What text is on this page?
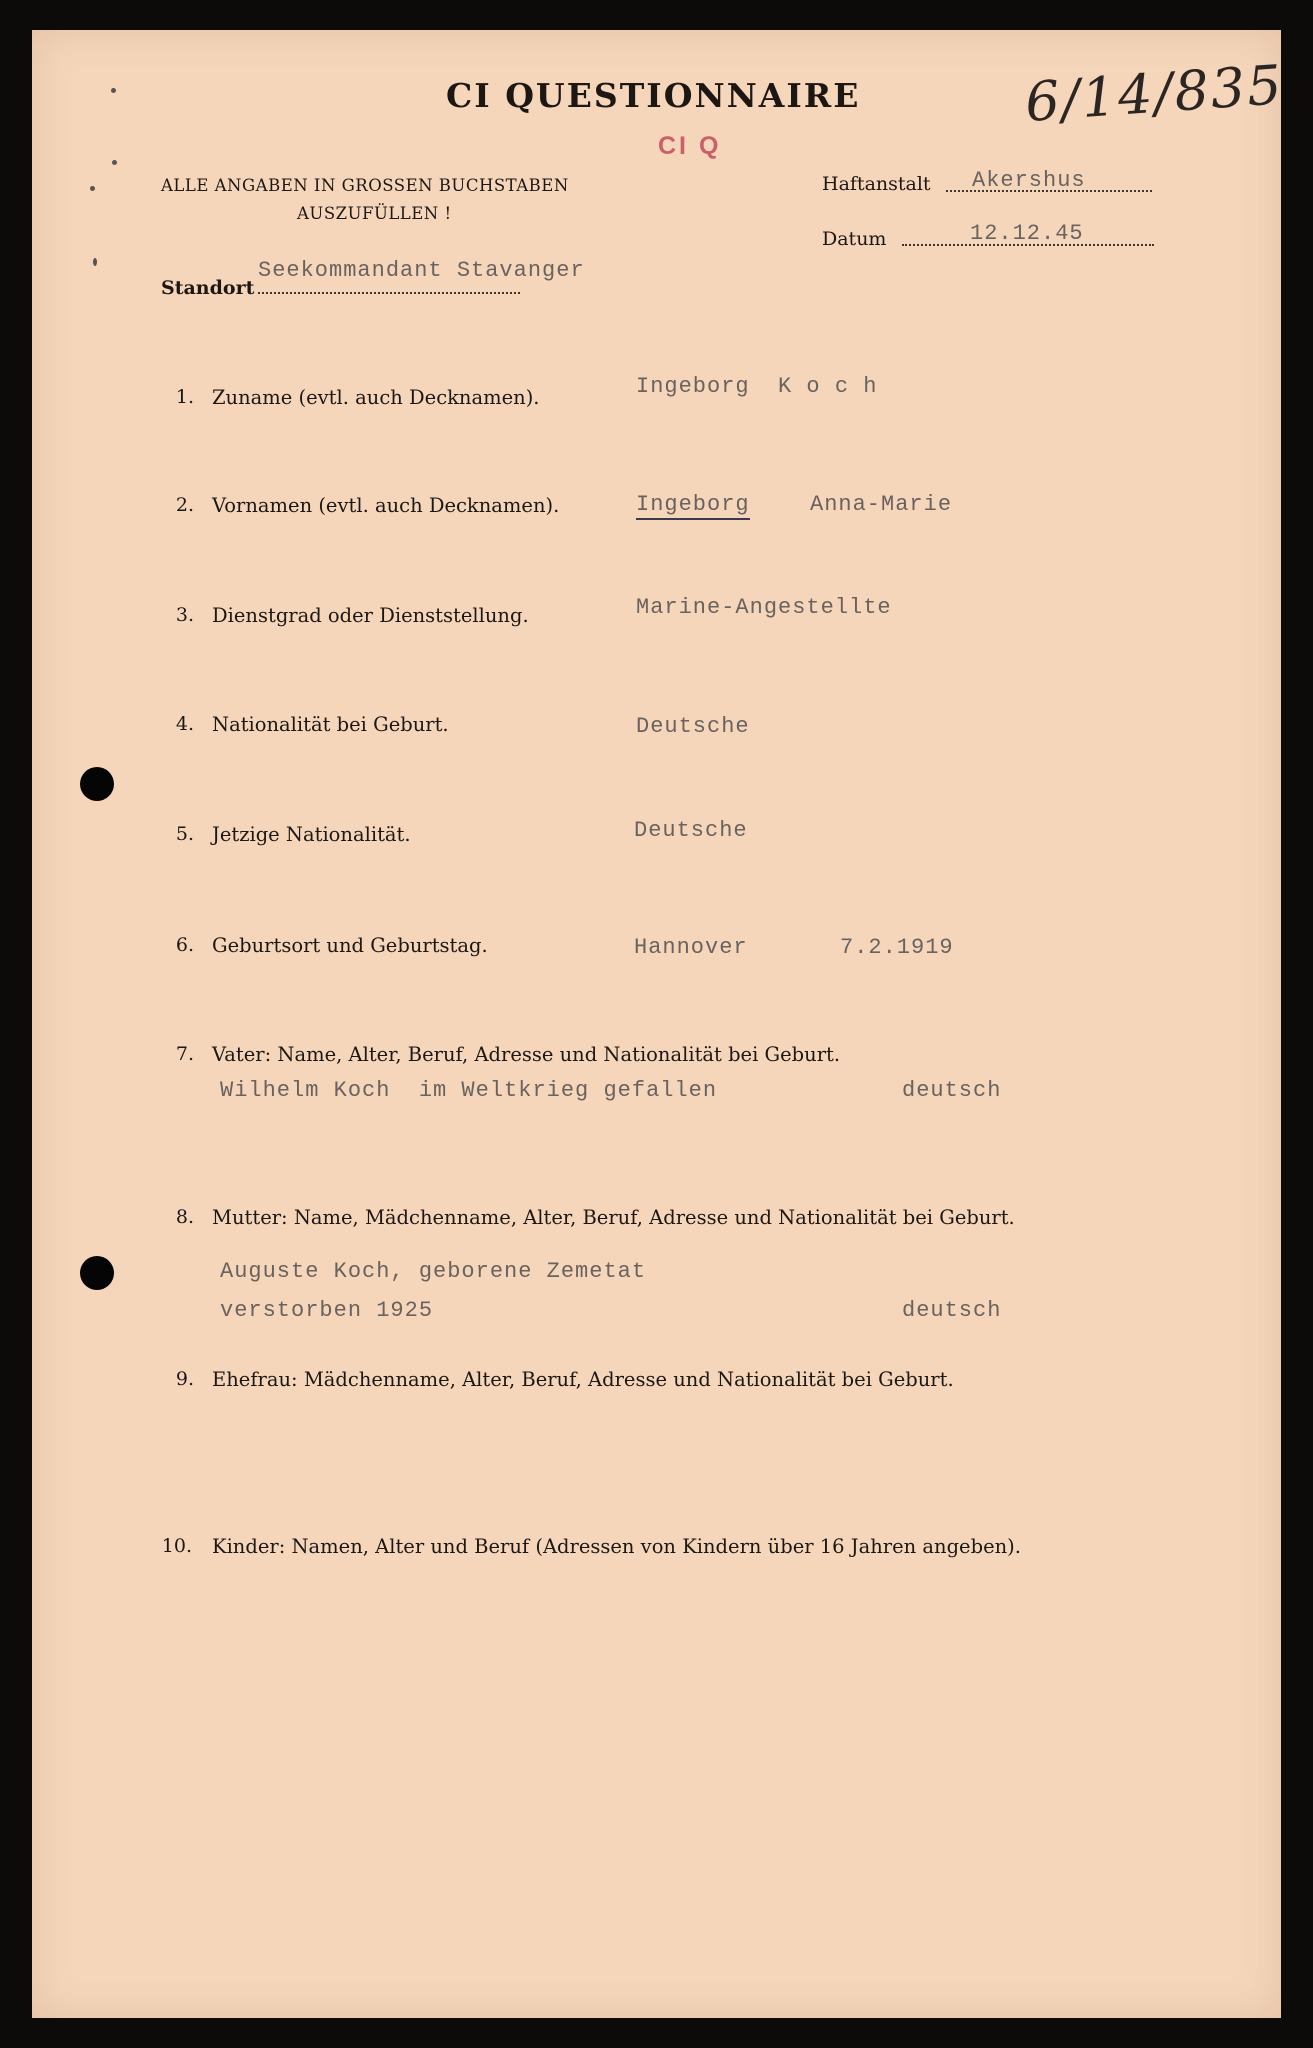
CI QUESTIONNAIRE
CI Q
6/14/835
ALLE ANGABEN IN GROSSEN BUCHSTABEN
AUSZUFÜLLEN !
Haftanstalt Akershus
Datum	12.12.45
Standort
Seekommandant Stavanger
1. Zuname (evtl. auch Decknamen).	Ingeborg  K o c h
2. Vornamen (evtl. auch Decknamen).	Ingeborg	Anna-Marie
3. Dienstgrad oder Dienststellung.	Marine-Angestellte
4. Nationalität bei Geburt.	Deutsche
5. Jetzige Nationalität.	Deutsche
6. Geburtsort und Geburtstag.	Hannover	7.2.1919
7. Vater: Name, Alter, Beruf, Adresse und Nationalität bei Geburt.
Wilhelm Koch  im Weltkrieg gefallen	deutsch
8. Mutter: Name, Mädchenname, Alter, Beruf, Adresse und Nationalität bei Geburt.
Auguste Koch, geborene Zemetat
verstorben 1925	deutsch
9. Ehefrau: Mädchenname, Alter, Beruf, Adresse und Nationalität bei Geburt.
10. Kinder: Namen, Alter und Beruf (Adressen von Kindern über 16 Jahren angeben).
